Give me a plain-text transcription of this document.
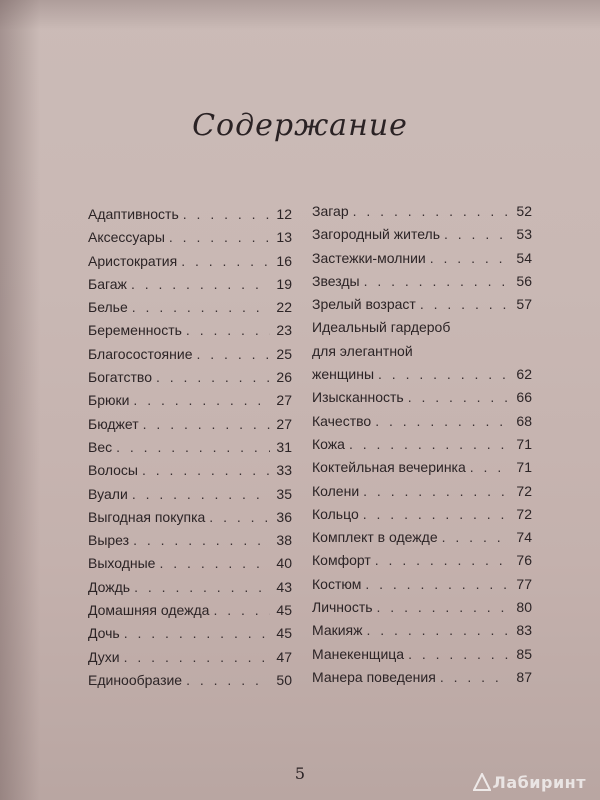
Содержание
Адаптивность . . .	12
Аксессуары . . .	13
Аристократия . . .	16
Багаж . . .	19
Белье . . .	22
Беременность . . .	23
Благосостояние . . .	25
Богатство . . .	26
Брюки . . .	27
Бюджет . . .	27
Вес . . .	31
Волосы . . .	33
Вуали . . .	35
Выгодная покупка . . .	36
Вырез . . .	38
Выходные . . .	40
Дождь . . .	43
Домашняя одежда . . .	45
Дочь . . .	45
Духи . . .	47
Единообразие . . .	50
Загар . . .	52
Загородный житель . . .	53
Застежки-молнии . . .	54
Звезды . . .	56
Зрелый возраст . . .	57
Идеальный гардероб
для элегантной
женщины . . .	62
Изысканность . . .	66
Качество . . .	68
Кожа . . .	71
Коктейльная вечеринка . . .	71
Колени . . .	72
Кольцо . . .	72
Комплект в одежде . . .	74
Комфорт . . .	76
Костюм . . .	77
Личность . . .	80
Макияж . . .	83
Манекенщица . . .	85
Манера поведения . . .	87
5	Лабиринт
